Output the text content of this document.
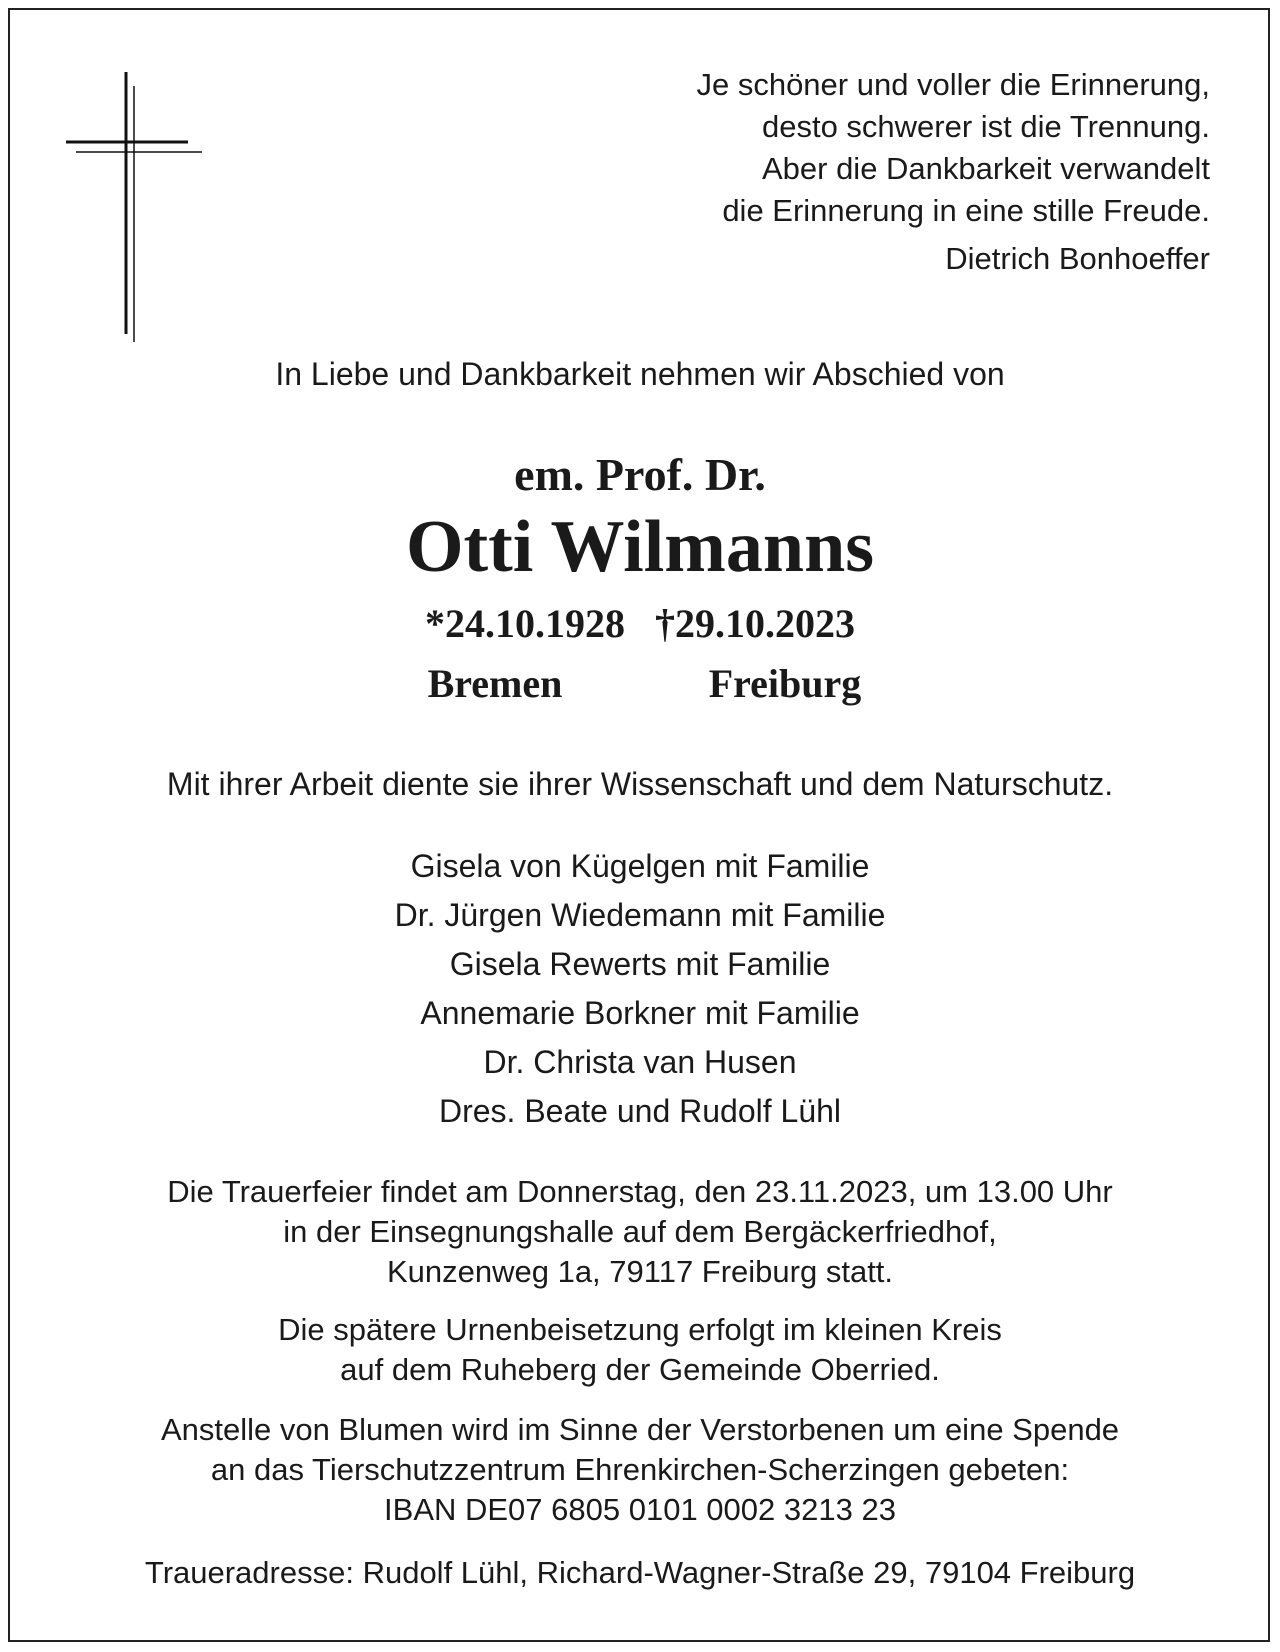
Je schöner und voller die Erinnerung,
desto schwerer ist die Trennung.
Aber die Dankbarkeit verwandelt
die Erinnerung in eine stille Freude.
Dietrich Bonhoeffer
In Liebe und Dankbarkeit nehmen wir Abschied von
em. Prof. Dr.
Otti Wilmanns
*24.10.1928 †29.10.2023
Bremen	Freiburg
Mit ihrer Arbeit diente sie ihrer Wissenschaft und dem Naturschutz.
Gisela von Kügelgen mit Familie
Dr. Jürgen Wiedemann mit Familie
Gisela Rewerts mit Familie
Annemarie Borkner mit Familie
Dr. Christa van Husen
Dres. Beate und Rudolf Lühl
Die Trauerfeier findet am Donnerstag, den 23.11.2023, um 13.00 Uhr
in der Einsegnungshalle auf dem Bergäckerfriedhof,
Kunzenweg 1a, 79117 Freiburg statt.
Die spätere Urnenbeisetzung erfolgt im kleinen Kreis
auf dem Ruheberg der Gemeinde Oberried.
Anstelle von Blumen wird im Sinne der Verstorbenen um eine Spende
an das Tierschutzzentrum Ehrenkirchen-Scherzingen gebeten:
IBAN DE07 6805 0101 0002 3213 23
Traueradresse: Rudolf Lühl, Richard-Wagner-Straße 29, 79104 Freiburg
